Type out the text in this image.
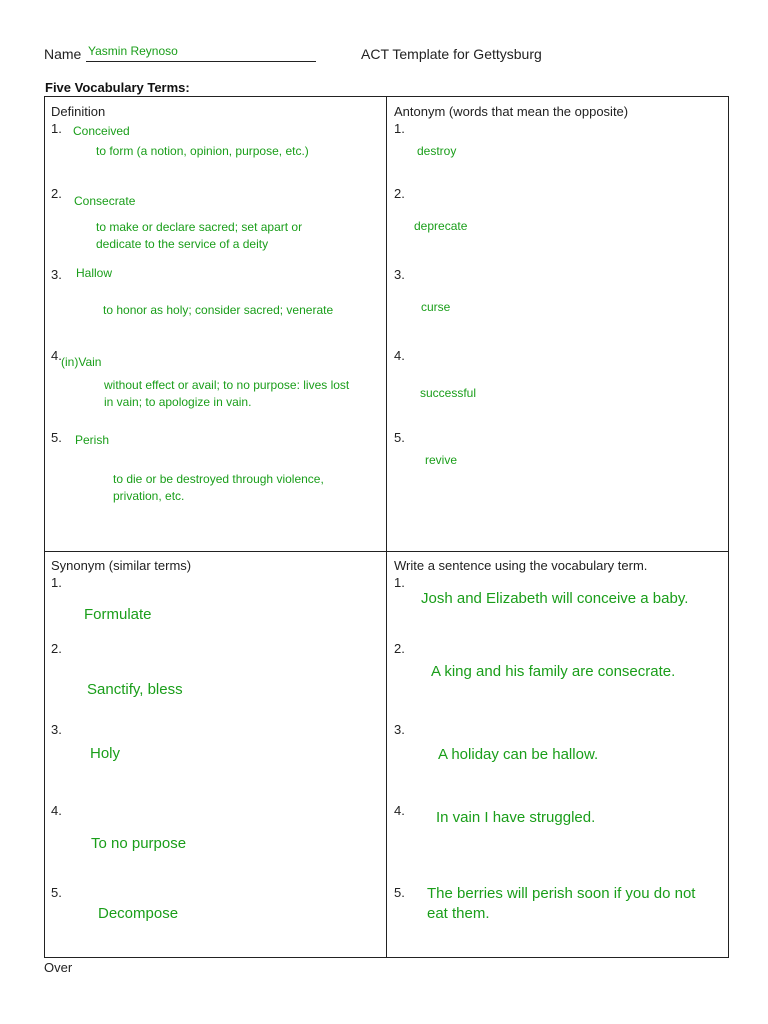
Name Yasmin Reynoso	ACT Template for Gettysburg
Five Vocabulary Terms:
Definition
1. Conceived
to form (a notion, opinion, purpose, etc.)
2. Consecrate
to make or declare sacred; set apart or dedicate to the service of a deity
3. Hallow
to honor as holy; consider sacred; venerate
4. (in)Vain
without effect or avail; to no purpose: lives lost in vain; to apologize in vain.
5. Perish
to die or be destroyed through violence, privation, etc.
Antonym (words that mean the opposite)
1.
destroy
2.
deprecate
3.
curse
4.
successful
5.
revive
Synonym (similar terms)
1.
Formulate
2.
Sanctify, bless
3.
Holy
4.
To no purpose
5.
Decompose
Write a sentence using the vocabulary term.
1.
Josh and Elizabeth will conceive a baby.
2.
A king and his family are consecrate.
3.
A holiday can be hallow.
4. In vain I have struggled.
5. The berries will perish soon if you do not eat them.
Over
